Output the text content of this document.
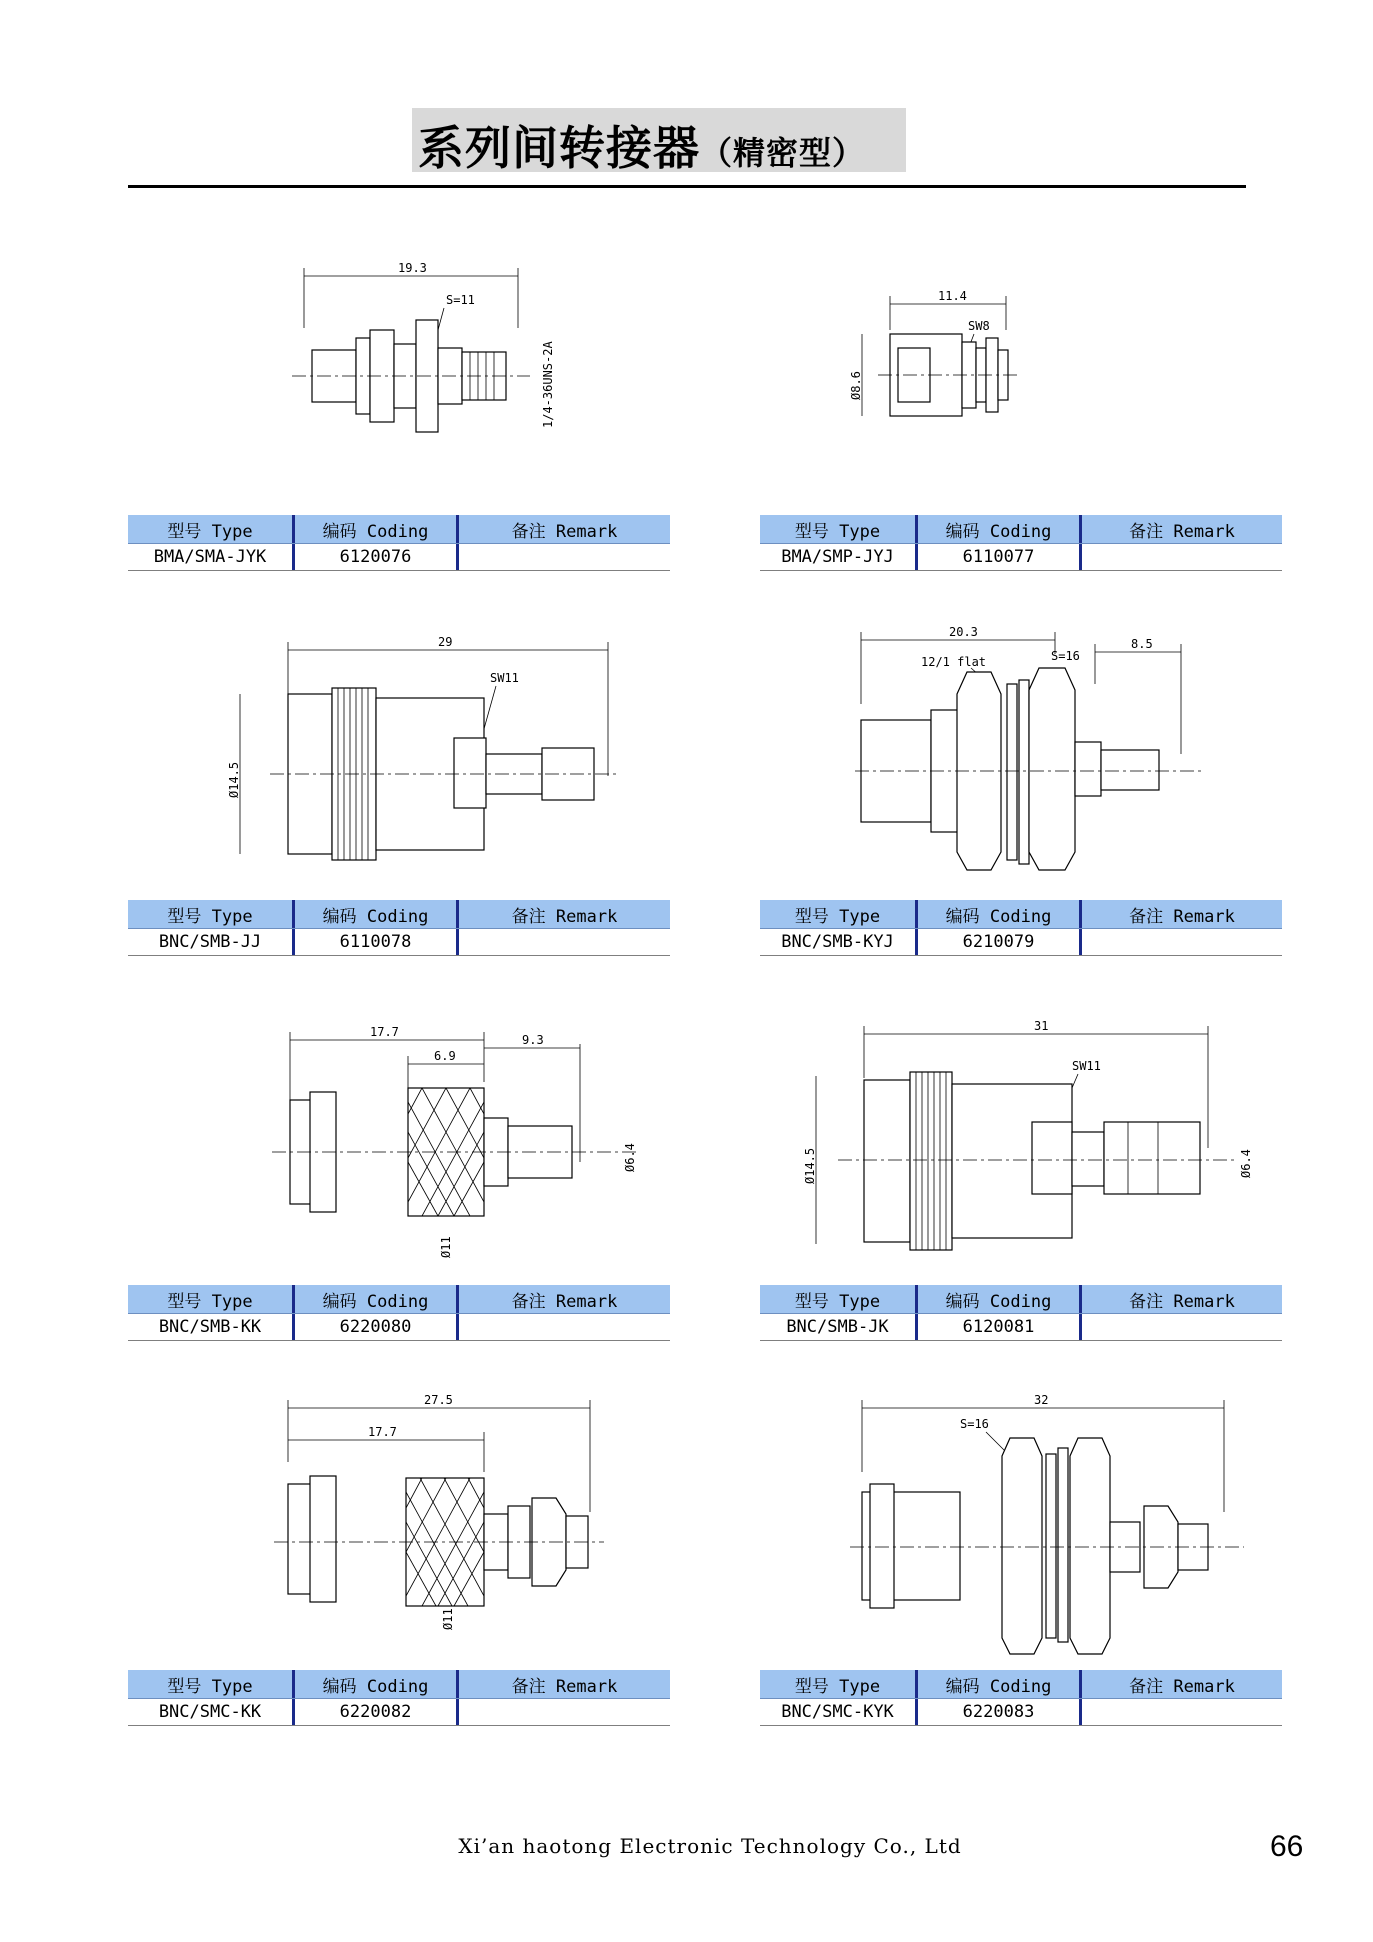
系列间转接器（精密型）
19.3
S=11
1/4-36UNS-2A
11.4
SW8
Ø8.6
29
SW11
Ø14.5
20.3
12/1 flat	S=16
8.5
17.7
6.9
9.3
Ø6.4
Ø11
31
SW11
Ø14.5	Ø6.4
27.5
17.7
Ø11
32
S=16
型号 Type	编码 Coding	备注 Remark
BMA/SMA-JYK	6120076
型号 Type	编码 Coding	备注 Remark
BMA/SMP-JYJ	6110077
型号 Type	编码 Coding	备注 Remark
BNC/SMB-JJ	6110078
型号 Type	编码 Coding	备注 Remark
BNC/SMB-KYJ	6210079
型号 Type	编码 Coding	备注 Remark
BNC/SMB-KK	6220080
型号 Type	编码 Coding	备注 Remark
BNC/SMB-JK	6120081
型号 Type	编码 Coding	备注 Remark
BNC/SMC-KK	6220082
型号 Type	编码 Coding	备注 Remark
BNC/SMC-KYK	6220083
Xi’an haotong Electronic Technology Co., Ltd	66
